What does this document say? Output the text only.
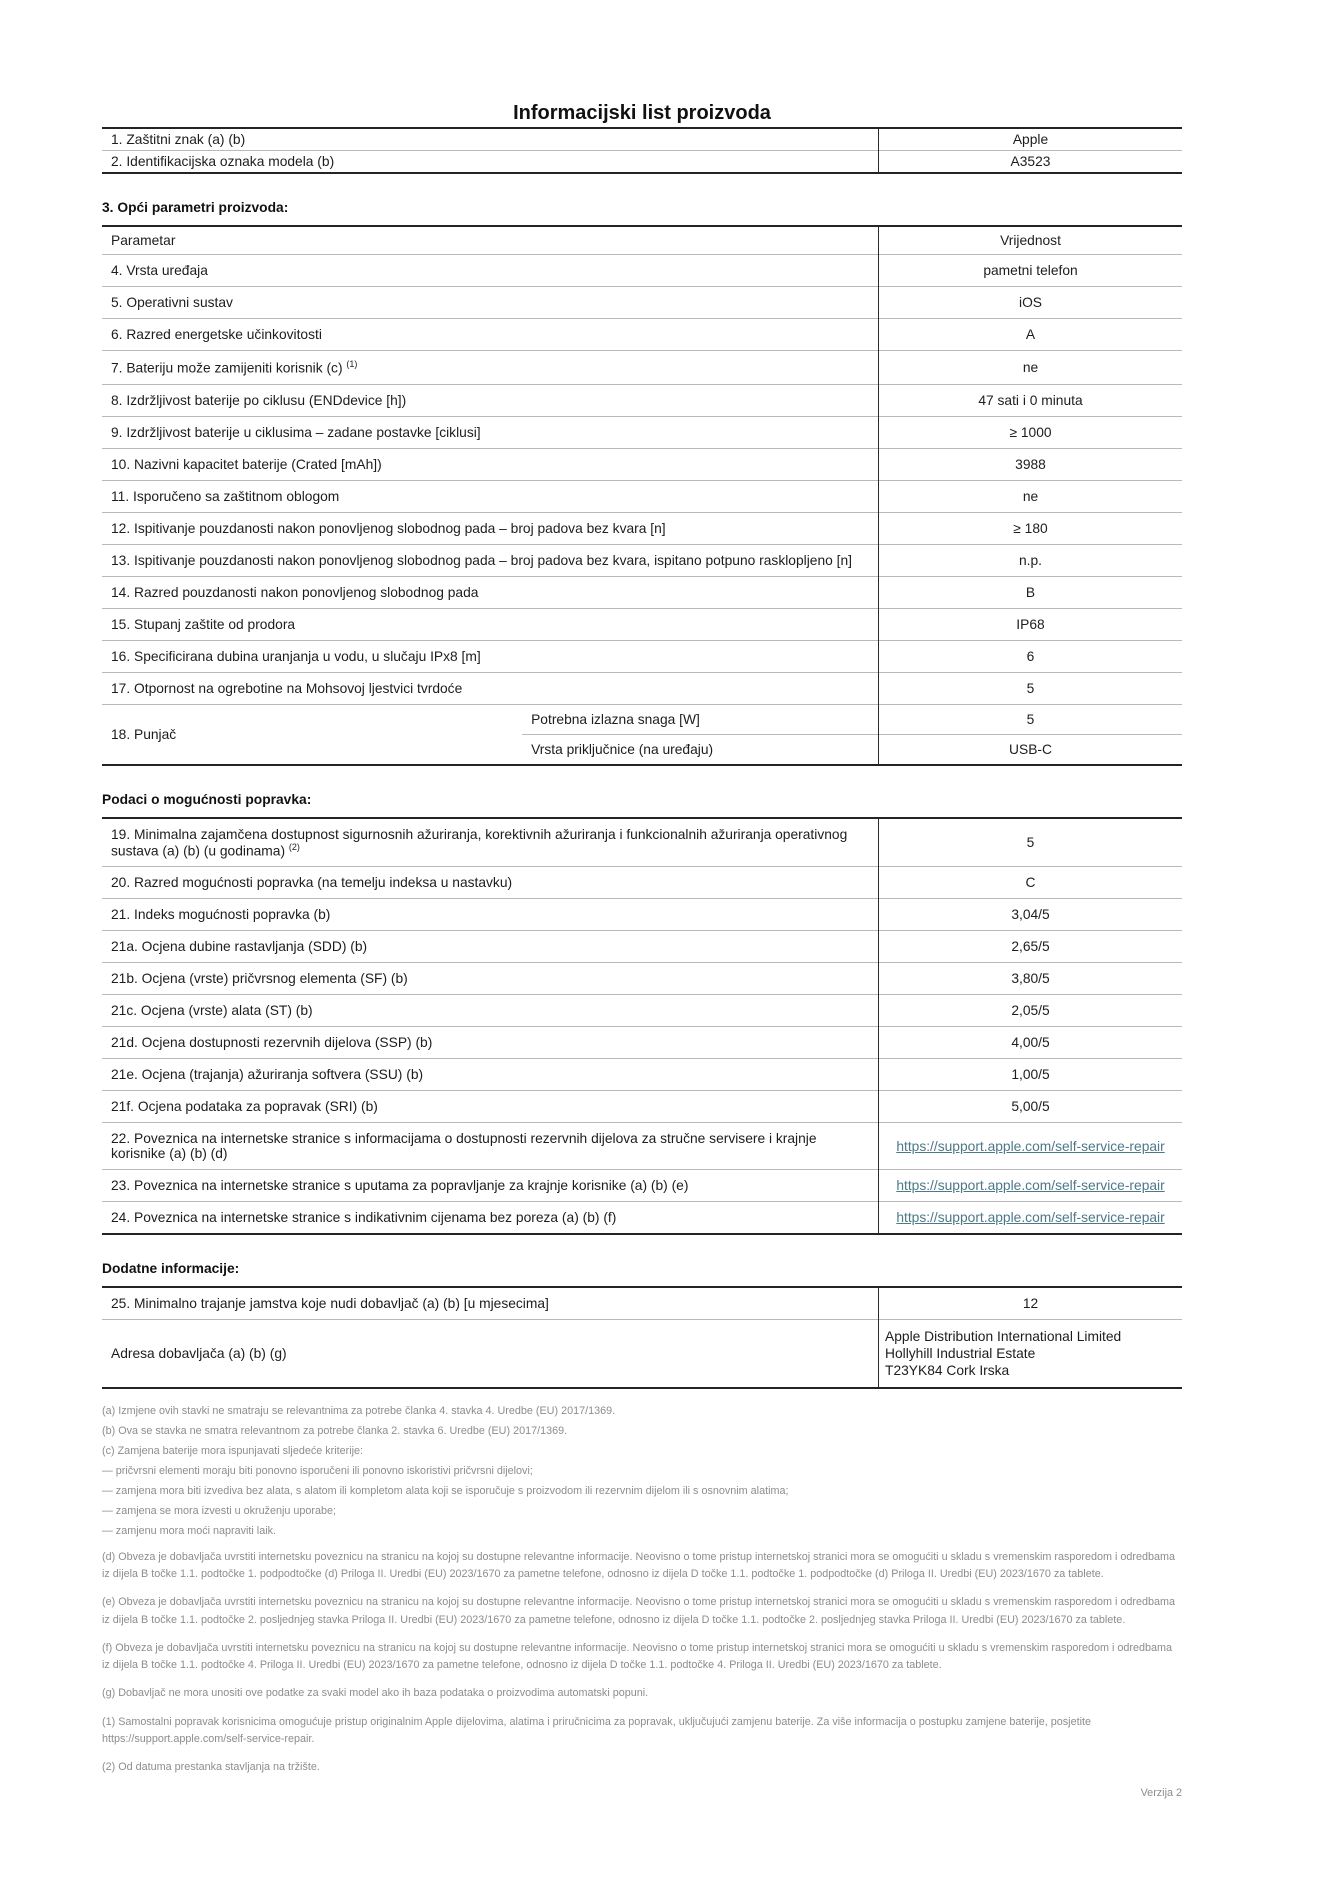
Informacijski list proizvoda
1. Zaštitni znak (a) (b)	Apple
2. Identifikacijska oznaka modela (b)	A3523
3. Opći parametri proizvoda:
Parametar		Vrijednost
4. Vrsta uređaja		pametni telefon
5. Operativni sustav		iOS
6. Razred energetske učinkovitosti		A
7. Bateriju može zamijeniti korisnik (c) $^{(1)}$		ne
8. Izdržljivost baterije po ciklusu (ENDdevice [h])		47 sati i 0 minuta
9. Izdržljivost baterije u ciklusima – zadane postavke [ciklusi]		≥ 1000
10. Nazivni kapacitet baterije (Crated [mAh])		3988
11. Isporučeno sa zaštitnom oblogom		ne
12. Ispitivanje pouzdanosti nakon ponovljenog slobodnog pada – broj padova bez kvara [n]		≥ 180
13. Ispitivanje pouzdanosti nakon ponovljenog slobodnog pada – broj padova bez kvara, ispitano potpuno rasklopljeno [n]		n.p.
14. Razred pouzdanosti nakon ponovljenog slobodnog pada		B
15. Stupanj zaštite od prodora		IP68
16. Specificirana dubina uranjanja u vodu, u slučaju IPx8 [m]		6
17. Otpornost na ogrebotine na Mohsovoj ljestvici tvrdoće		5
18. Punjač	Potrebna izlazna snaga [W]	5
	Vrsta priključnice (na uređaju)	USB-C
Podaci o mogućnosti popravka:
19. Minimalna zajamčena dostupnost sigurnosnih ažuriranja, korektivnih ažuriranja i funkcionalnih ažuriranja operativnog sustava (a) (b) (u godinama) $^{(2)}$	5
20. Razred mogućnosti popravka (na temelju indeksa u nastavku)	C
21. Indeks mogućnosti popravka (b)	3,04/5
21a. Ocjena dubine rastavljanja (SDD) (b)	2,65/5
21b. Ocjena (vrste) pričvrsnog elementa (SF) (b)	3,80/5
21c. Ocjena (vrste) alata (ST) (b)	2,05/5
21d. Ocjena dostupnosti rezervnih dijelova (SSP) (b)	4,00/5
21e. Ocjena (trajanja) ažuriranja softvera (SSU) (b)	1,00/5
21f. Ocjena podataka za popravak (SRI) (b)	5,00/5
22. Poveznica na internetske stranice s informacijama o dostupnosti rezervnih dijelova za stručne servisere i krajnje korisnike (a) (b) (d)	https://support.apple.com/self-service-repair
23. Poveznica na internetske stranice s uputama za popravljanje za krajnje korisnike (a) (b) (e)	https://support.apple.com/self-service-repair
24. Poveznica na internetske stranice s indikativnim cijenama bez poreza (a) (b) (f)	https://support.apple.com/self-service-repair
Dodatne informacije:
25. Minimalno trajanje jamstva koje nudi dobavljač (a) (b) [u mjesecima]	12
Adresa dobavljača (a) (b) (g)	Apple Distribution International Limited
Hollyhill Industrial Estate
T23YK84 Cork Irska
(a) Izmjene ovih stavki ne smatraju se relevantnima za potrebe članka 4. stavka 4. Uredbe (EU) 2017/1369.
(b) Ova se stavka ne smatra relevantnom za potrebe članka 2. stavka 6. Uredbe (EU) 2017/1369.
(c) Zamjena baterije mora ispunjavati sljedeće kriterije:
— pričvrsni elementi moraju biti ponovno isporučeni ili ponovno iskoristivi pričvrsni dijelovi;
— zamjena mora biti izvediva bez alata, s alatom ili kompletom alata koji se isporučuje s proizvodom ili rezervnim dijelom ili s osnovnim alatima;
— zamjena se mora izvesti u okruženju uporabe;
— zamjenu mora moći napraviti laik.
(d) Obveza je dobavljača uvrstiti internetsku poveznicu na stranicu na kojoj su dostupne relevantne informacije. Neovisno o tome pristup internetskoj stranici mora se omogućiti u skladu s vremenskim rasporedom i odredbama iz dijela B točke 1.1. podtočke 1. podpodtočke (d) Priloga II. Uredbi (EU) 2023/1670 za pametne telefone, odnosno iz dijela D točke 1.1. podtočke 1. podpodtočke (d) Priloga II. Uredbi (EU) 2023/1670 za tablete.
(e) Obveza je dobavljača uvrstiti internetsku poveznicu na stranicu na kojoj su dostupne relevantne informacije. Neovisno o tome pristup internetskoj stranici mora se omogućiti u skladu s vremenskim rasporedom i odredbama iz dijela B točke 1.1. podtočke 2. posljednjeg stavka Priloga II. Uredbi (EU) 2023/1670 za pametne telefone, odnosno iz dijela D točke 1.1. podtočke 2. posljednjeg stavka Priloga II. Uredbi (EU) 2023/1670 za tablete.
(f) Obveza je dobavljača uvrstiti internetsku poveznicu na stranicu na kojoj su dostupne relevantne informacije. Neovisno o tome pristup internetskoj stranici mora se omogućiti u skladu s vremenskim rasporedom i odredbama iz dijela B točke 1.1. podtočke 4. Priloga II. Uredbi (EU) 2023/1670 za pametne telefone, odnosno iz dijela D točke 1.1. podtočke 4. Priloga II. Uredbi (EU) 2023/1670 za tablete.
(g) Dobavljač ne mora unositi ove podatke za svaki model ako ih baza podataka o proizvodima automatski popuni.
(1) Samostalni popravak korisnicima omogućuje pristup originalnim Apple dijelovima, alatima i priručnicima za popravak, uključujući zamjenu baterije. Za više informacija o postupku zamjene baterije, posjetite https://support.apple.com/self-service-repair.
(2) Od datuma prestanka stavljanja na tržište.
Verzija 2
